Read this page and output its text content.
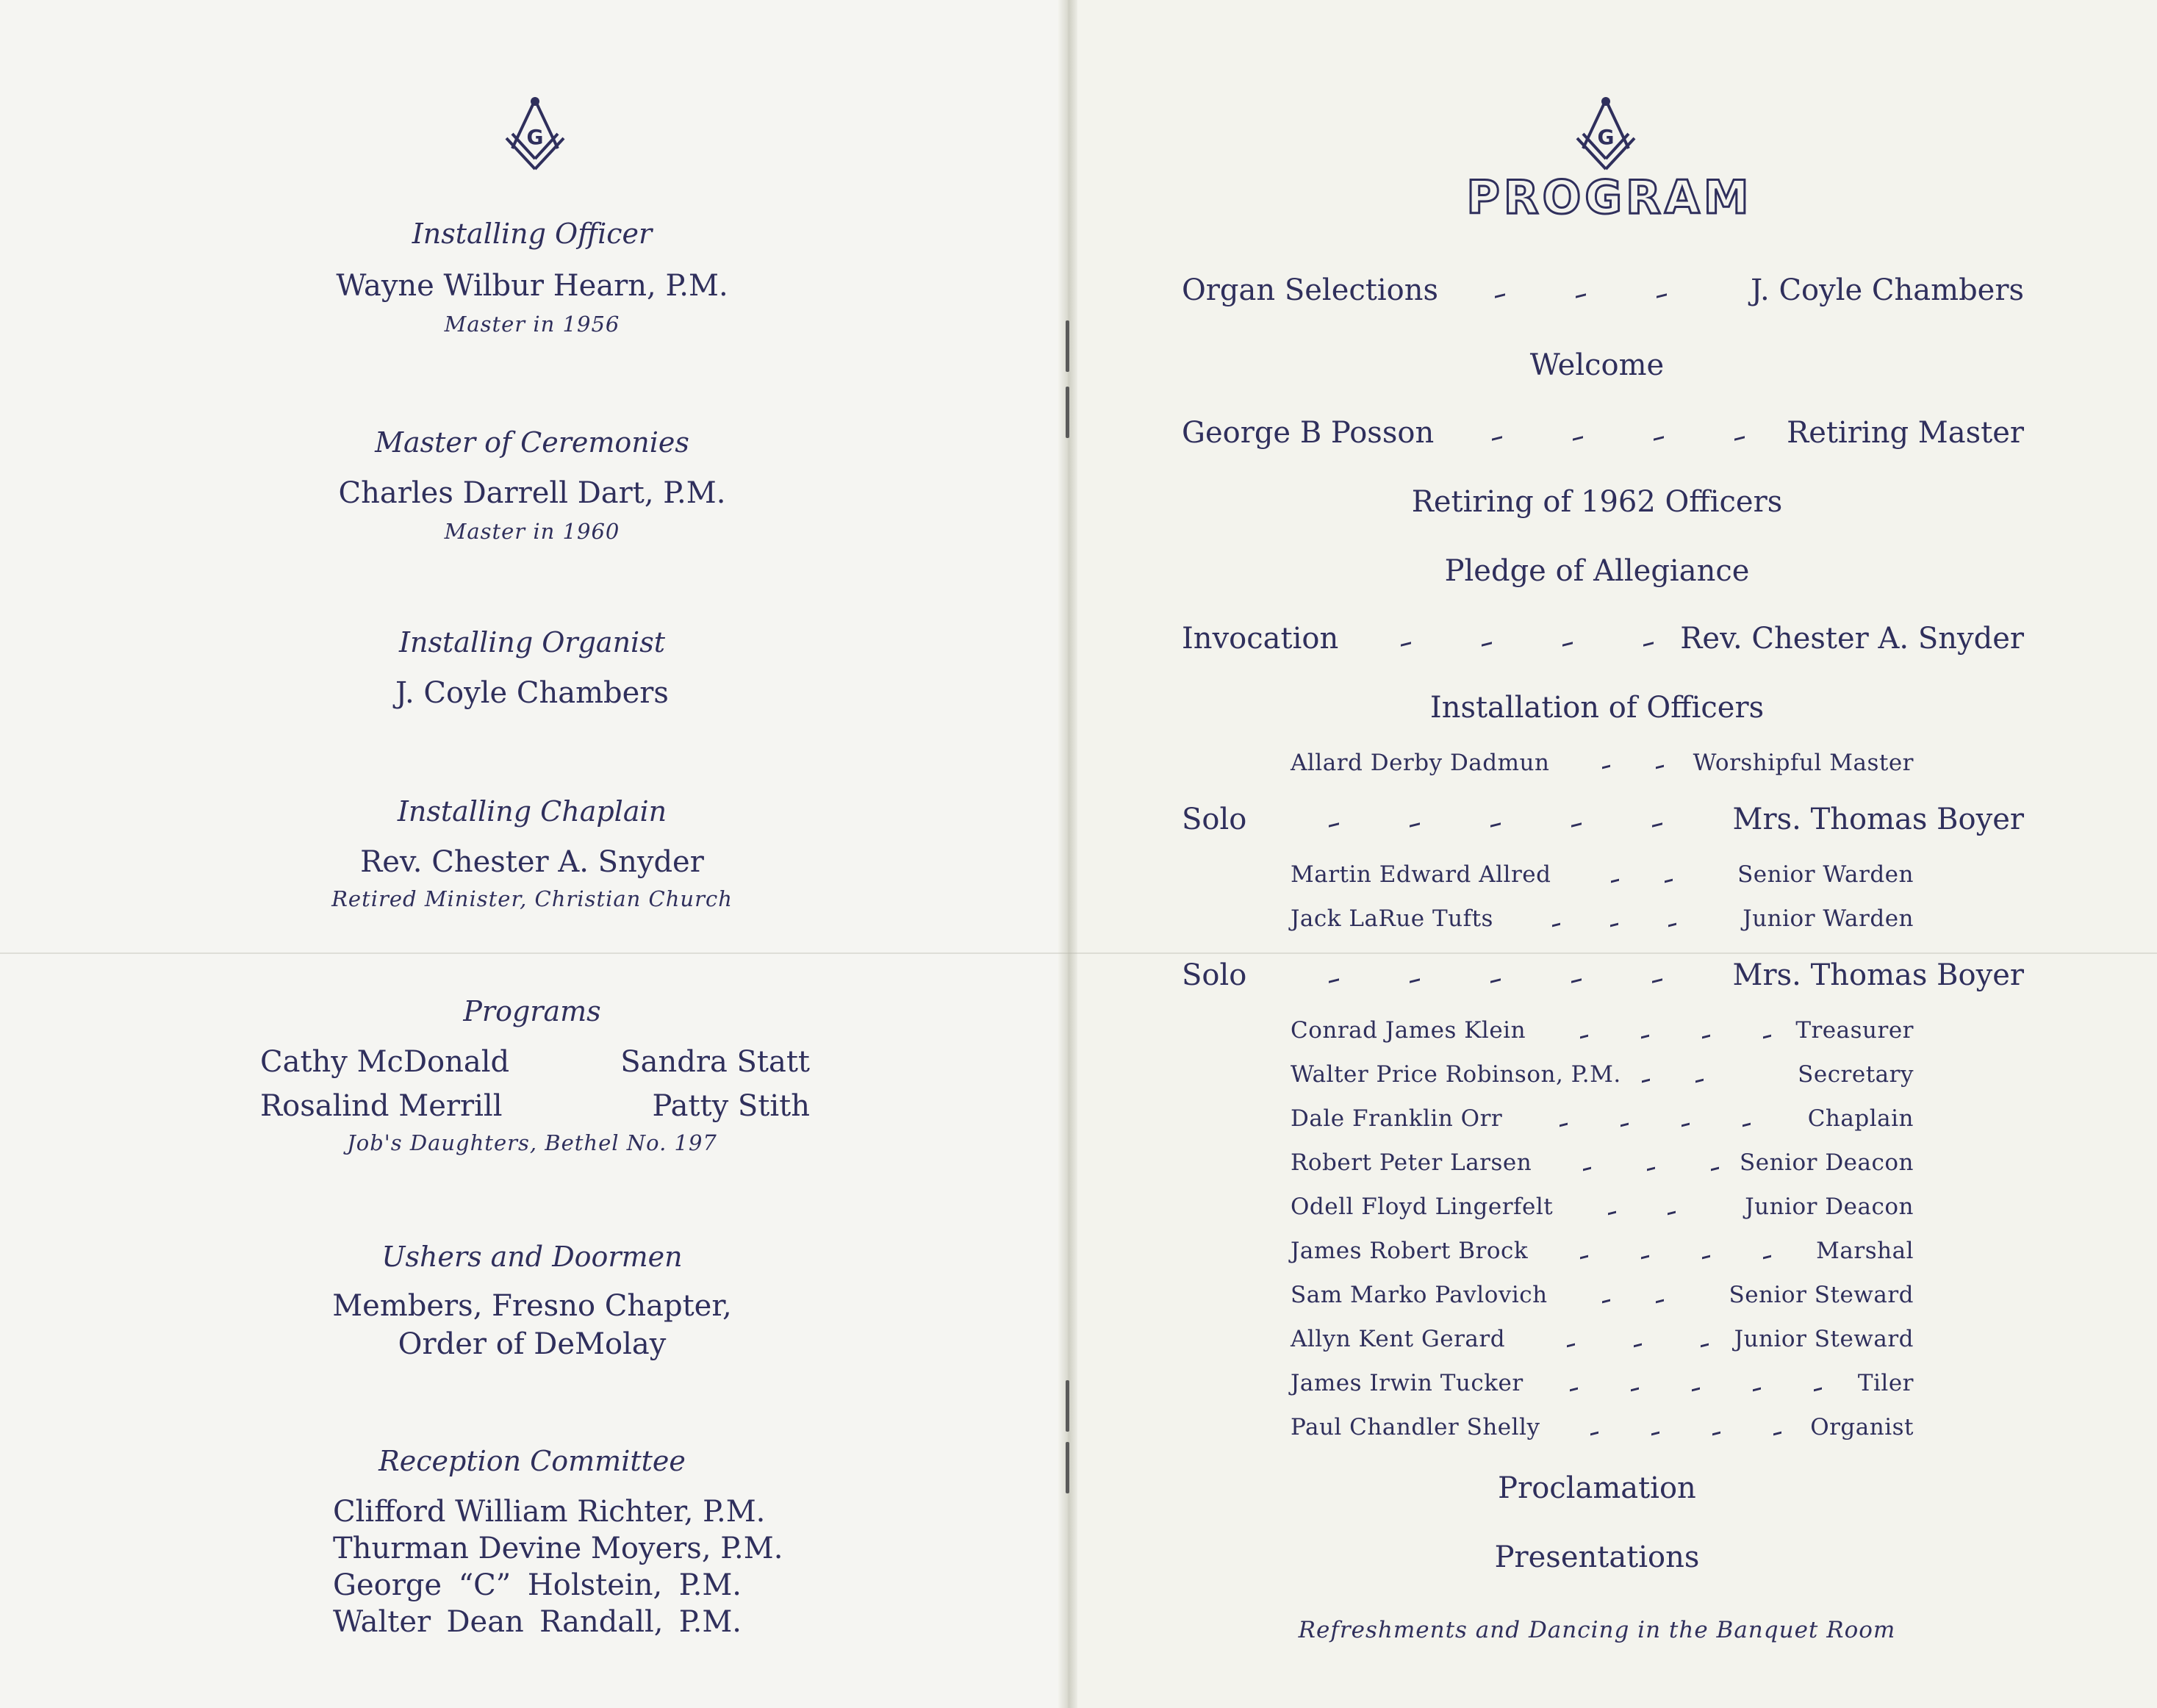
G
Installing Officer
Wayne Wilbur Hearn, P.M.
Master in 1956
Master of Ceremonies
Charles Darrell Dart, P.M.
Master in 1960
Installing Organist
J. Coyle Chambers
Installing Chaplain
Rev. Chester A. Snyder
Retired Minister, Christian Church
Programs
Cathy McDonald	Sandra Statt
Rosalind Merrill	Patty Stith
Job's Daughters, Bethel No. 197
Ushers and Doormen
Members, Fresno Chapter,
Order of DeMolay
Reception Committee
Clifford William Richter, P.M.
Thurman Devine Moyers, P.M.
George “C” Holstein, P.M.
Walter Dean Randall, P.M.
G
PROGRAM
Organ Selections	J. Coyle Chambers
Welcome
George B Posson	Retiring Master
Retiring of 1962 Officers
Pledge of Allegiance
Invocation	Rev. Chester A. Snyder
Installation of Officers
Allard Derby Dadmun	Worshipful Master
Solo	Mrs. Thomas Boyer
Martin Edward Allred	Senior Warden
Jack LaRue Tufts	Junior Warden
Solo	Mrs. Thomas Boyer
Conrad James Klein	Treasurer
Walter Price Robinson, P.M.	Secretary
Dale Franklin Orr	Chaplain
Robert Peter Larsen	Senior Deacon
Odell Floyd Lingerfelt	Junior Deacon
James Robert Brock	Marshal
Sam Marko Pavlovich	Senior Steward
Allyn Kent Gerard	Junior Steward
James Irwin Tucker	Tiler
Paul Chandler Shelly	Organist
Proclamation
Presentations
Refreshments and Dancing in the Banquet Room
